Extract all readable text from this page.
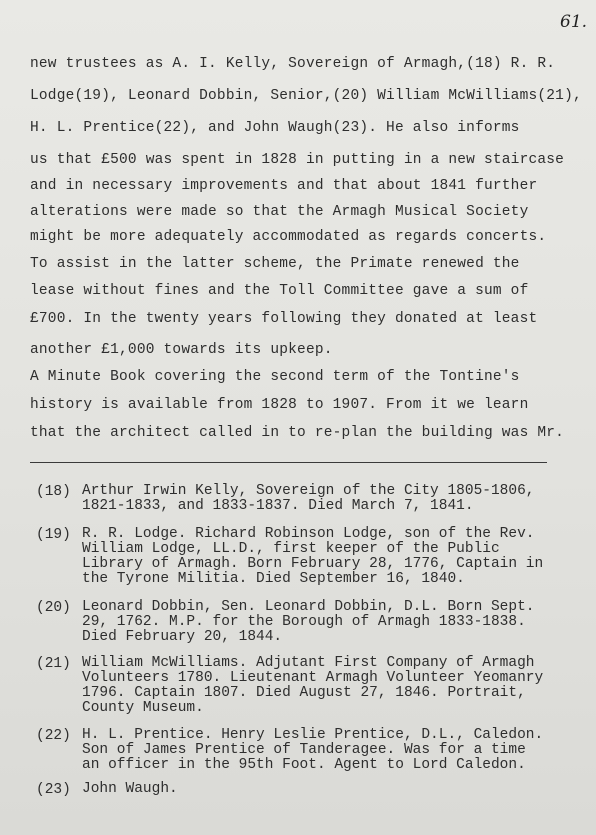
61.
new trustees as A. I. Kelly, Sovereign of Armagh,(18) R. R.
Lodge(19), Leonard Dobbin, Senior,(20) William McWilliams(21),
H. L. Prentice(22), and John Waugh(23). He also informs
us that £500 was spent in 1828 in putting in a new staircase
and in necessary improvements and that about 1841 further
alterations were made so that the Armagh Musical Society
might be more adequately accommodated as regards concerts.
To assist in the latter scheme, the Primate renewed the
lease without fines and the Toll Committee gave a sum of
£700. In the twenty years following they donated at least
another £1,000 towards its upkeep.
A Minute Book covering the second term of the Tontine's
history is available from 1828 to 1907. From it we learn
that the architect called in to re-plan the building was Mr.
(18) Arthur Irwin Kelly, Sovereign of the City 1805-1806,
1821-1833, and 1833-1837. Died March 7, 1841.
(19) R. R. Lodge. Richard Robinson Lodge, son of the Rev.
William Lodge, LL.D., first keeper of the Public
Library of Armagh. Born February 28, 1776, Captain in
the Tyrone Militia. Died September 16, 1840.
(20) Leonard Dobbin, Sen. Leonard Dobbin, D.L. Born Sept.
29, 1762. M.P. for the Borough of Armagh 1833-1838.
Died February 20, 1844.
(21) William McWilliams. Adjutant First Company of Armagh
Volunteers 1780. Lieutenant Armagh Volunteer Yeomanry
1796. Captain 1807. Died August 27, 1846. Portrait,
County Museum.
(22) H. L. Prentice. Henry Leslie Prentice, D.L., Caledon.
Son of James Prentice of Tanderagee. Was for a time
an officer in the 95th Foot. Agent to Lord Caledon.
(23) John Waugh.
